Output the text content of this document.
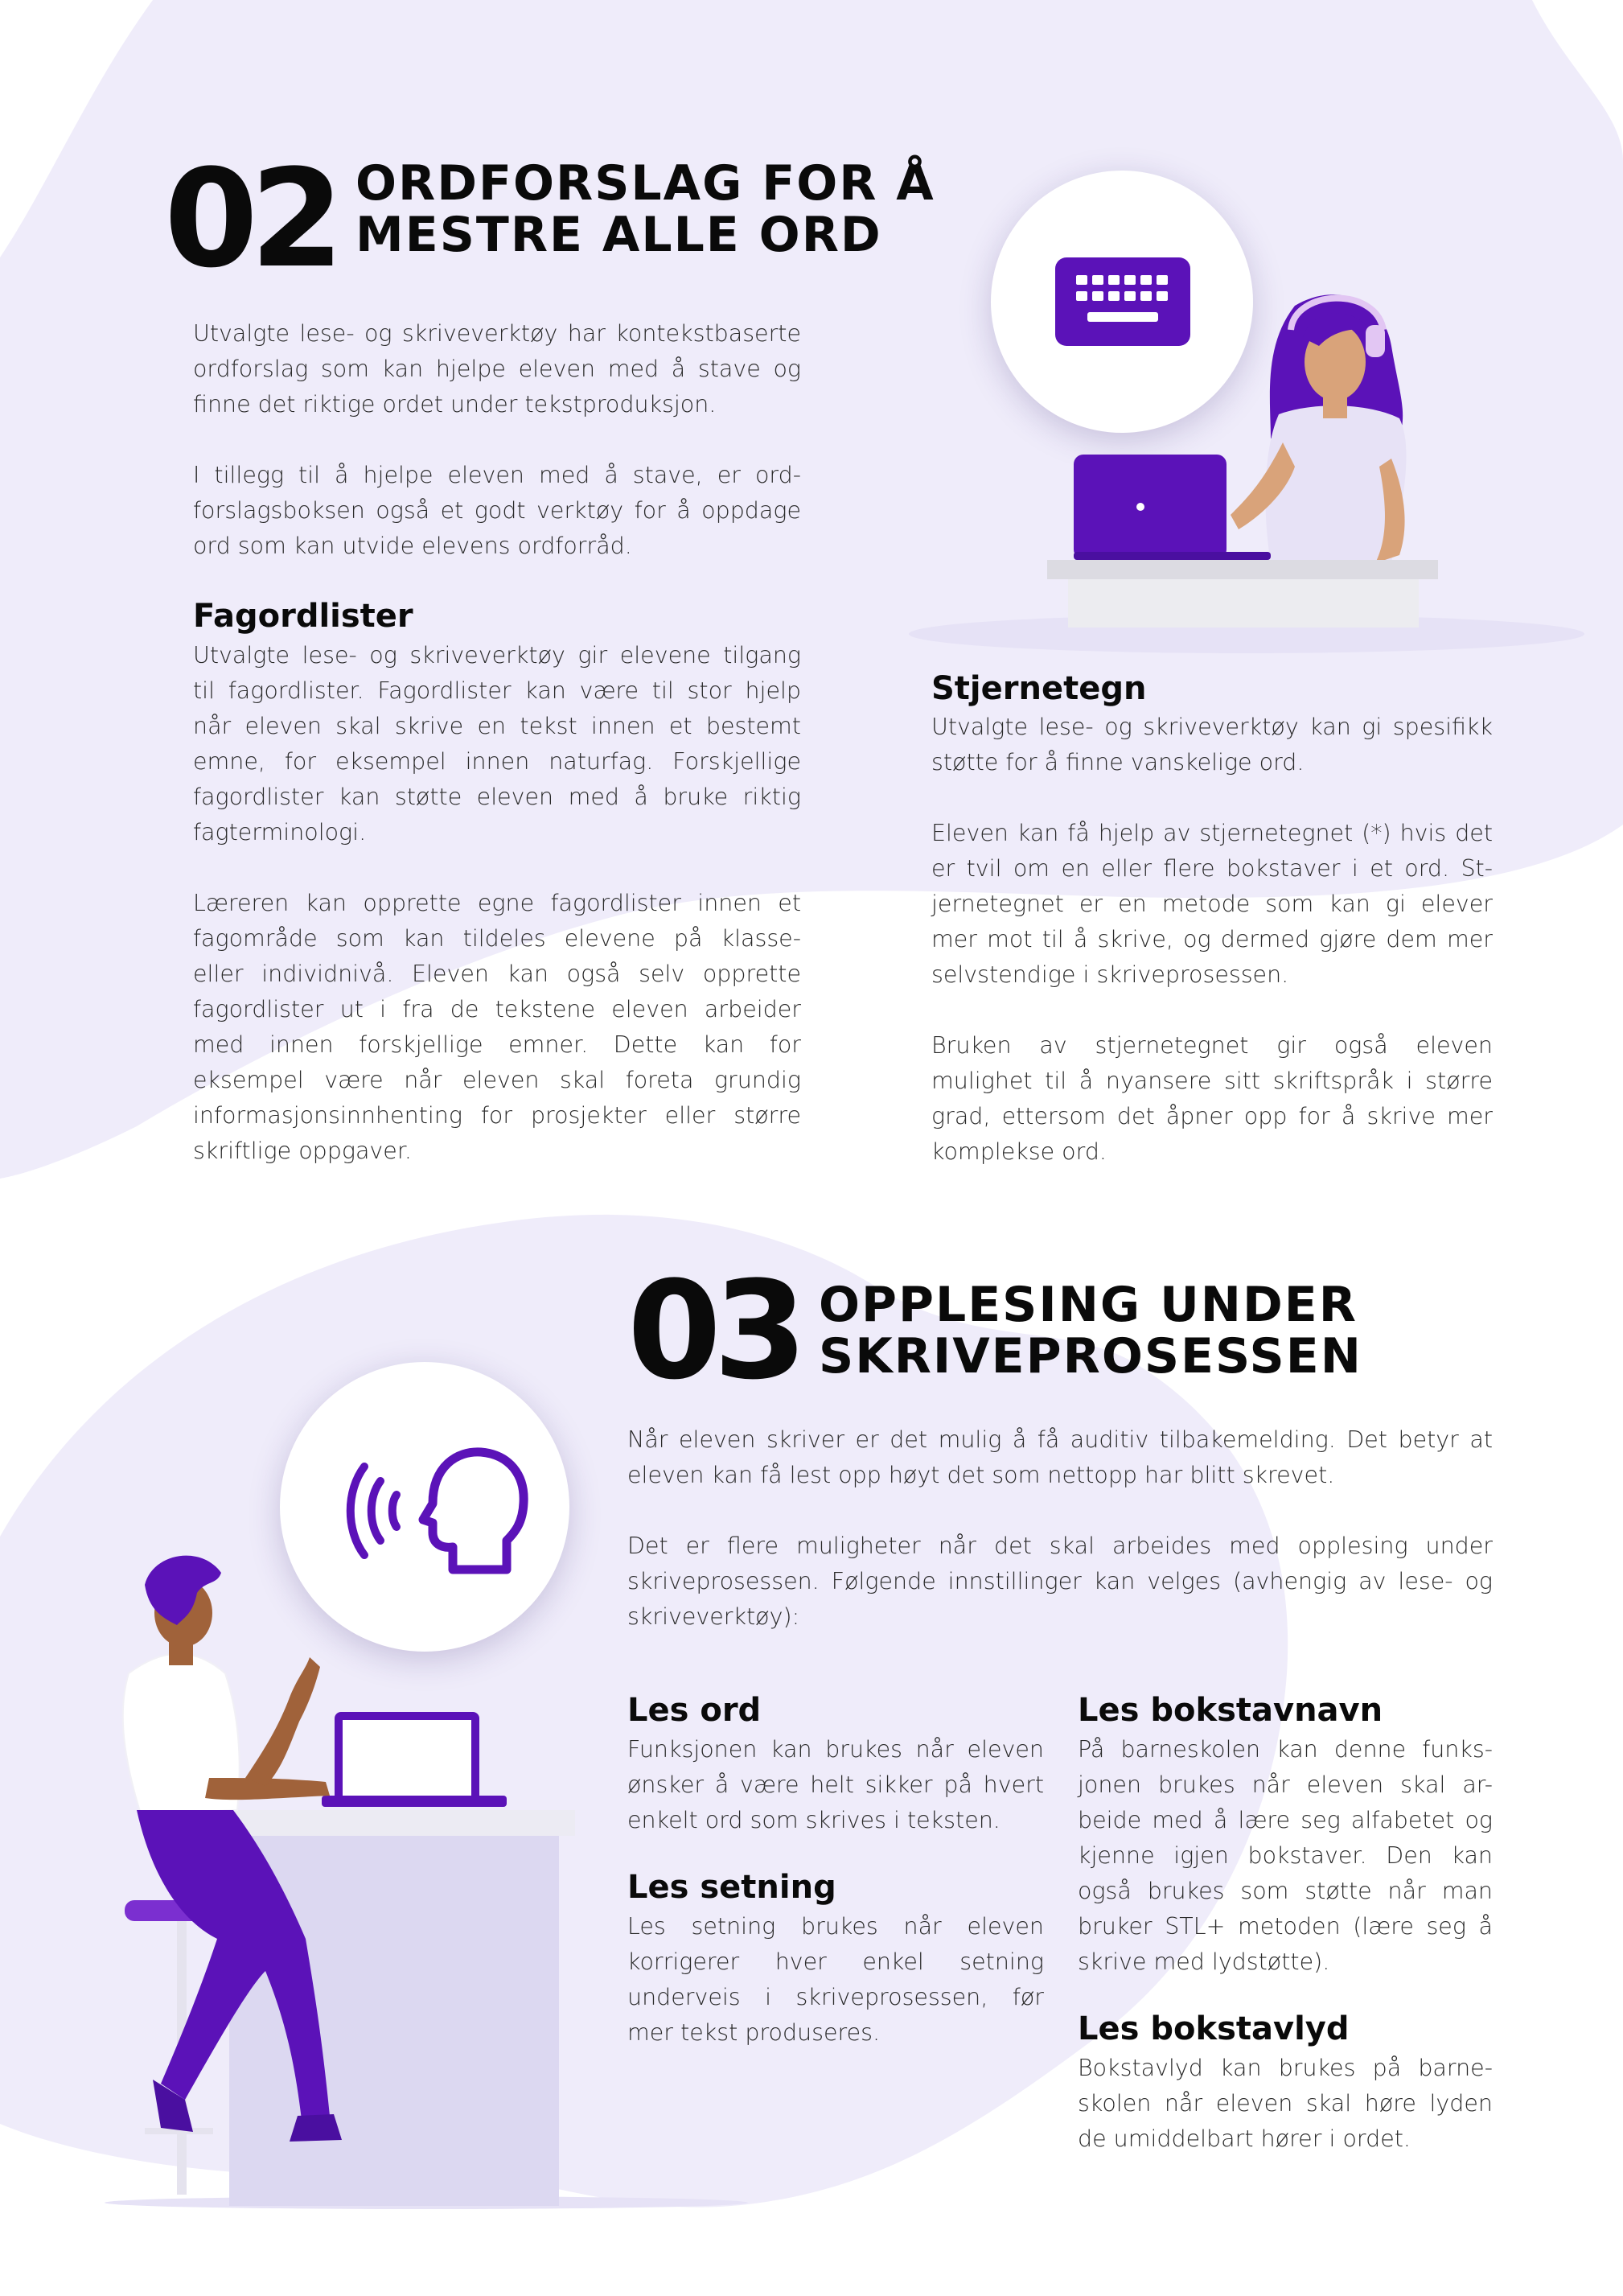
02 ORDFORSLAG FOR Å
MESTRE ALLE ORD
Utvalgte lese- og skriveverktøy har kontekstbaserte
ordforslag som kan hjelpe eleven med å stave og
finne det riktige ordet under tekstproduksjon.
I tillegg til å hjelpe eleven med å stave, er ord-
forslagsboksen også et godt verktøy for å oppdage
ord som kan utvide elevens ordforråd.
Fagordlister
Utvalgte lese- og skriveverktøy gir elevene tilgang
til fagordlister. Fagordlister kan være til stor hjelp
når eleven skal skrive en tekst innen et bestemt
emne, for eksempel innen naturfag. Forskjellige
fagordlister kan støtte eleven med å bruke riktig
fagterminologi.
Læreren kan opprette egne fagordlister innen et
fagområde som kan tildeles elevene på klasse-
eller individnivå. Eleven kan også selv opprette
fagordlister ut i fra de tekstene eleven arbeider
med innen forskjellige emner. Dette kan for
eksempel være når eleven skal foreta grundig
informasjonsinnhenting for prosjekter eller større
skriftlige oppgaver.
Stjernetegn
Utvalgte lese- og skriveverktøy kan gi spesifikk
støtte for å finne vanskelige ord.
Eleven kan få hjelp av stjernetegnet (*) hvis det
er tvil om en eller flere bokstaver i et ord. St-
jernetegnet er en metode som kan gi elever
mer mot til å skrive, og dermed gjøre dem mer
selvstendige i skriveprosessen.
Bruken av stjernetegnet gir også eleven
mulighet til å nyansere sitt skriftspråk i større
grad, ettersom det åpner opp for å skrive mer
komplekse ord.
03 OPPLESING UNDER
SKRIVEPROSESSEN
Når eleven skriver er det mulig å få auditiv tilbakemelding. Det betyr at
eleven kan få lest opp høyt det som nettopp har blitt skrevet.
Det er flere muligheter når det skal arbeides med opplesing under
skriveprosessen. Følgende innstillinger kan velges (avhengig av lese- og
skriveverktøy):
Les ord
Funksjonen kan brukes når eleven
ønsker å være helt sikker på hvert
enkelt ord som skrives i teksten.
Les setning
Les setning brukes når eleven
korrigerer hver enkel setning
underveis i skriveprosessen, før
mer tekst produseres.
Les bokstavnavn
På barneskolen kan denne funks-
jonen brukes når eleven skal ar-
beide med å lære seg alfabetet og
kjenne igjen bokstaver. Den kan
også brukes som støtte når man
bruker STL+ metoden (lære seg å
skrive med lydstøtte).
Les bokstavlyd
Bokstavlyd kan brukes på barne-
skolen når eleven skal høre lyden
de umiddelbart hører i ordet.
